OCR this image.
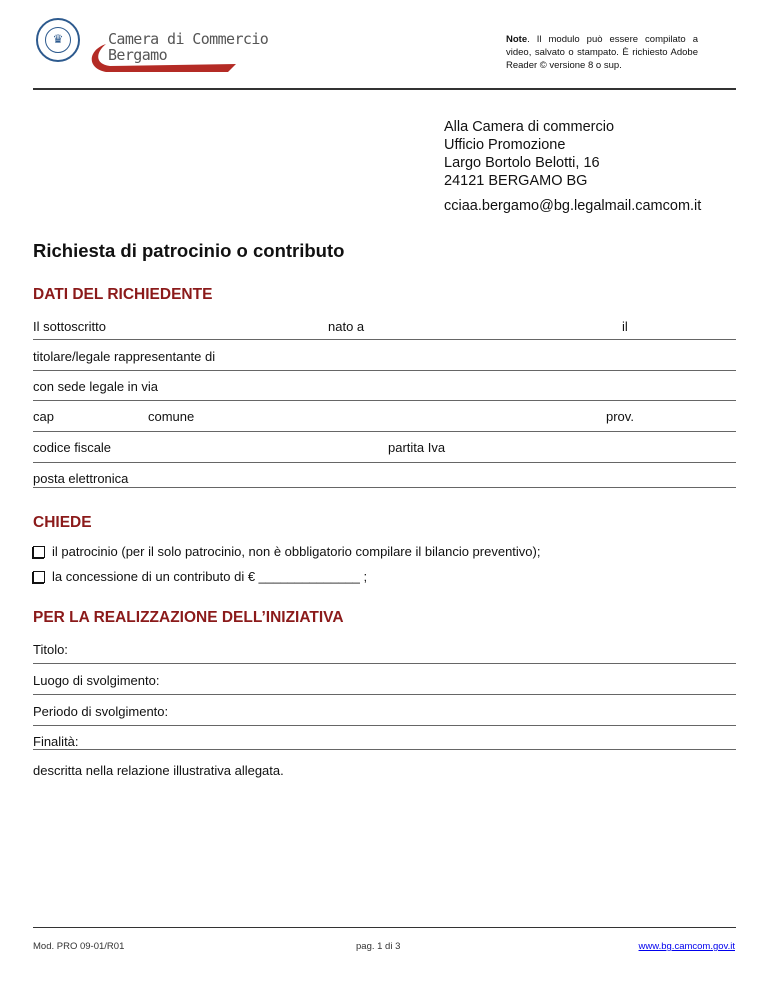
♛	Camera di Commercio
Bergamo
Note. Il modulo può essere compilato a video, salvato o stampato. È richiesto Adobe Reader © versione 8 o sup.
Alla Camera di commercio
Ufficio Promozione
Largo Bortolo Belotti, 16
24121 BERGAMO BG
cciaa.bergamo@bg.legalmail.camcom.it
Richiesta di patrocinio o contributo
DATI DEL RICHIEDENTE
Il sottoscritto	nato a	il
titolare/legale rappresentante di
con sede legale in via
cap	comune	prov.
codice fiscale	partita Iva
posta elettronica
CHIEDE
il patrocinio (per il solo patrocinio, non è obbligatorio compilare il bilancio preventivo);
la concessione di un contributo di € ______________ ;
PER LA REALIZZAZIONE DELL’INIZIATIVA
Titolo:
Luogo di svolgimento:
Periodo di svolgimento:
Finalità:
descritta nella relazione illustrativa allegata.
Mod. PRO 09-01/R01	pag. 1 di 3	www.bg.camcom.gov.it
